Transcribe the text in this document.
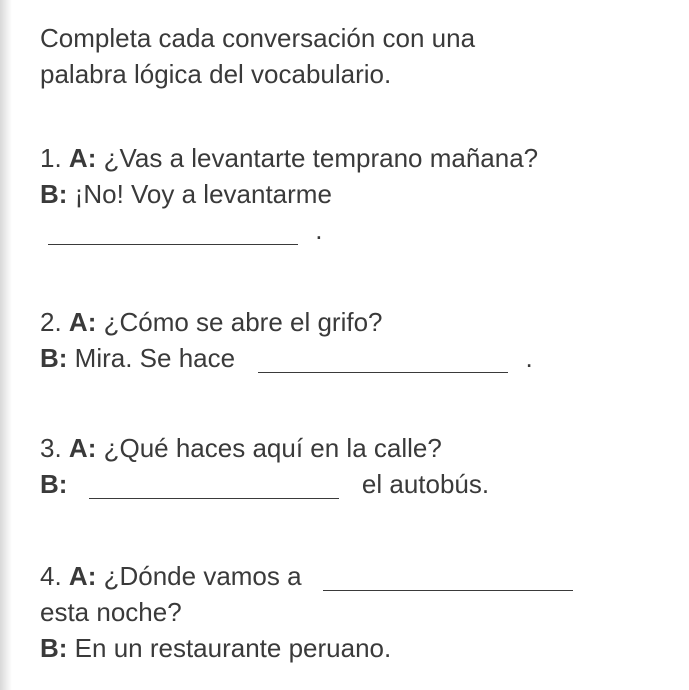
Completa cada conversación con una
palabra lógica del vocabulario.

1. A: ¿Vas a levantarte temprano mañana?
B: ¡No! Voy a levantarme
.
2. A: ¿Cómo se abre el grifo?
B: Mira. Se hace	.
3. A: ¿Qué haces aquí en la calle?
B:	el autobús.
4. A: ¿Dónde vamos a
esta noche?
B: En un restaurante peruano.
